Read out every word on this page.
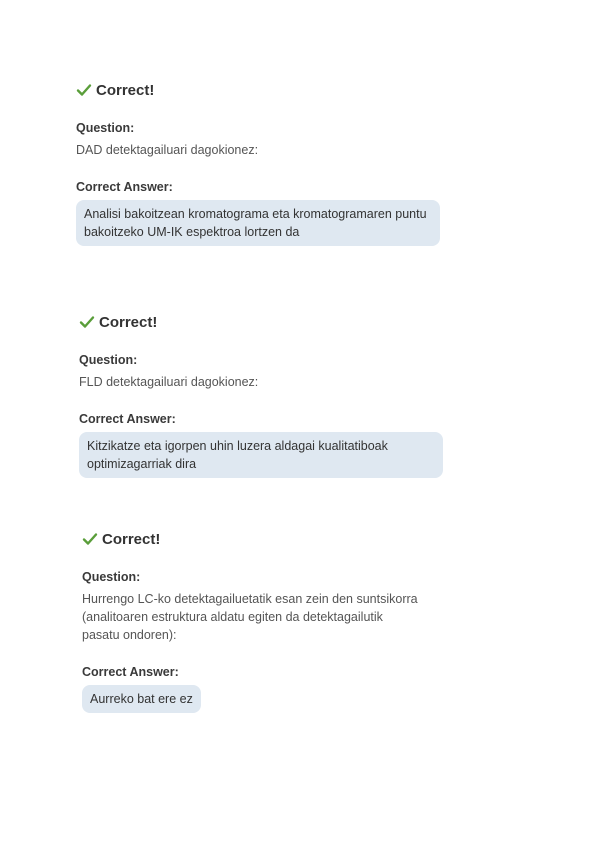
Correct!
Question:
DAD detektagailuari dagokionez:
Correct Answer:
Analisi bakoitzean kromatograma eta kromatogramaren puntu bakoitzeko UM-IK espektroa lortzen da
Correct!
Question:
FLD detektagailuari dagokionez:
Correct Answer:
Kitzikatze eta igorpen uhin luzera aldagai kualitatiboak optimizagarriak dira
Correct!
Question:
Hurrengo LC-ko detektagailuetatik esan zein den suntsikorra (analitoaren estruktura aldatu egiten da detektagailutik pasatu ondoren):
Correct Answer:
Aurreko bat ere ez
